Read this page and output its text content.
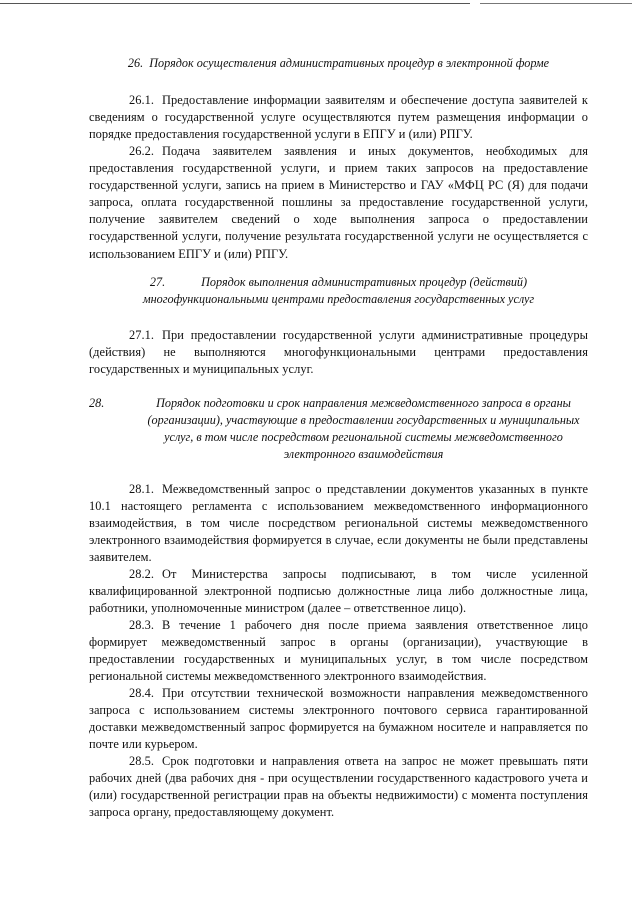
26. Порядок осуществления административных процедур в электронной форме

26.1. Предоставление информации заявителям и обеспечение доступа заявителей к сведениям о государственной услуге осуществляются путем размещения информации о порядке предоставления государственной услуги в ЕПГУ и (или) РПГУ.

26.2. Подача заявителем заявления и иных документов, необходимых для предоставления государственной услуги, и прием таких запросов на предоставление государственной услуги, запись на прием в Министерство и ГАУ «МФЦ РС (Я) для подачи запроса, оплата государственной пошлины за предоставление государственной услуги, получение заявителем сведений о ходе выполнения запроса о предоставлении государственной услуги, получение результата государственной услуги не осуществляется с использованием ЕПГУ и (или) РПГУ.

27.	Порядок выполнения административных процедур (действий)
многофункциональными центрами предоставления государственных услуг

27.1. При предоставлении государственной услуги административные процедуры (действия) не выполняются многофункциональными центрами предоставления государственных и муниципальных услуг.

28.	Порядок подготовки и срок направления межведомственного запроса в органы
(организации), участвующие в предоставлении государственных и муниципальных
услуг, в том числе посредством региональной системы межведомственного
электронного взаимодействия

28.1. Межведомственный запрос о представлении документов указанных в пункте 10.1 настоящего регламента с использованием межведомственного информационного взаимодействия, в том числе посредством региональной системы межведомственного электронного взаимодействия формируется в случае, если документы не были представлены заявителем.

28.2. От Министерства запросы подписывают, в том числе усиленной квалифицированной электронной подписью должностные лица либо должностные лица, работники, уполномоченные министром (далее – ответственное лицо).

28.3. В течение 1 рабочего дня после приема заявления ответственное лицо формирует межведомственный запрос в органы (организации), участвующие в предоставлении государственных и муниципальных услуг, в том числе посредством региональной системы межведомственного электронного взаимодействия.

28.4. При отсутствии технической возможности направления межведомственного запроса с использованием системы электронного почтового сервиса гарантированной доставки межведомственный запрос формируется на бумажном носителе и направляется по почте или курьером.

28.5. Срок подготовки и направления ответа на запрос не может превышать пяти рабочих дней (два рабочих дня - при осуществлении государственного кадастрового учета и (или) государственной регистрации прав на объекты недвижимости) с момента поступления запроса органу, предоставляющему документ.
